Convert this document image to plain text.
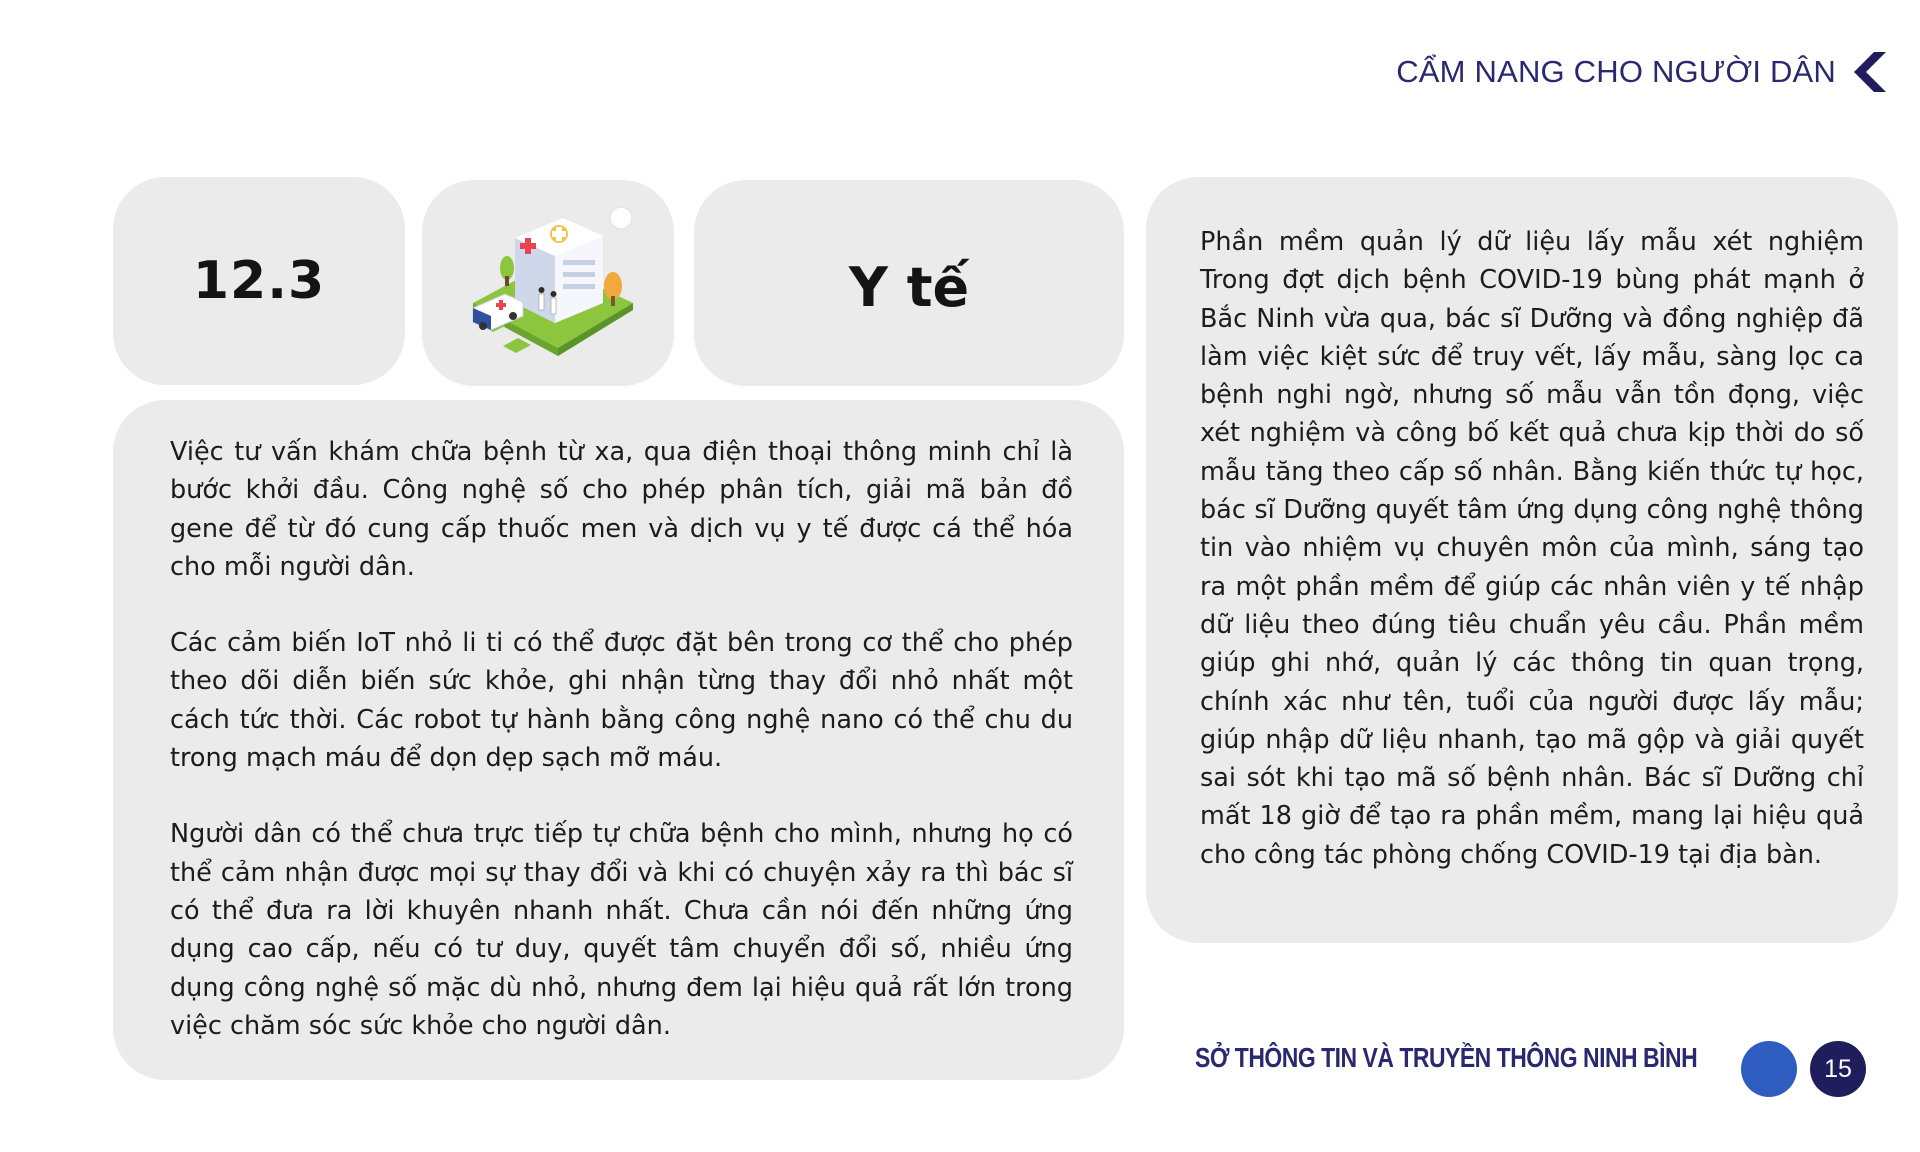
CẨM NANG CHO NGƯỜI DÂN
12.3	Y tế

Việc tư vấn khám chữa bệnh từ xa, qua điện thoại thông minh chỉ là bước khởi đầu. Công nghệ số cho phép phân tích, giải mã bản đồ gene để từ đó cung cấp thuốc men và dịch vụ y tế được cá thể hóa cho mỗi người dân.

Các cảm biến IoT nhỏ li ti có thể được đặt bên trong cơ thể cho phép theo dõi diễn biến sức khỏe, ghi nhận từng thay đổi nhỏ nhất một cách tức thời. Các robot tự hành bằng công nghệ nano có thể chu du trong mạch máu để dọn dẹp sạch mỡ máu.

Người dân có thể chưa trực tiếp tự chữa bệnh cho mình, nhưng họ có thể cảm nhận được mọi sự thay đổi và khi có chuyện xảy ra thì bác sĩ có thể đưa ra lời khuyên nhanh nhất. Chưa cần nói đến những ứng dụng cao cấp, nếu có tư duy, quyết tâm chuyển đổi số, nhiều ứng dụng công nghệ số mặc dù nhỏ, nhưng đem lại hiệu quả rất lớn trong việc chăm sóc sức khỏe cho người dân.

Phần mềm quản lý dữ liệu lấy mẫu xét nghiệm Trong đợt dịch bệnh COVID-19 bùng phát mạnh ở Bắc Ninh vừa qua, bác sĩ Dưỡng và đồng nghiệp đã làm việc kiệt sức để truy vết, lấy mẫu, sàng lọc ca bệnh nghi ngờ, nhưng số mẫu vẫn tồn đọng, việc xét nghiệm và công bố kết quả chưa kịp thời do số mẫu tăng theo cấp số nhân. Bằng kiến thức tự học, bác sĩ Dưỡng quyết tâm ứng dụng công nghệ thông tin vào nhiệm vụ chuyên môn của mình, sáng tạo ra một phần mềm để giúp các nhân viên y tế nhập dữ liệu theo đúng tiêu chuẩn yêu cầu. Phần mềm giúp ghi nhớ, quản lý các thông tin quan trọng, chính xác như tên, tuổi của người được lấy mẫu; giúp nhập dữ liệu nhanh, tạo mã gộp và giải quyết sai sót khi tạo mã số bệnh nhân. Bác sĩ Dưỡng chỉ mất 18 giờ để tạo ra phần mềm, mang lại hiệu quả cho công tác phòng chống COVID-19 tại địa bàn.

SỞ THÔNG TIN VÀ TRUYỀN THÔNG NINH BÌNH	15
